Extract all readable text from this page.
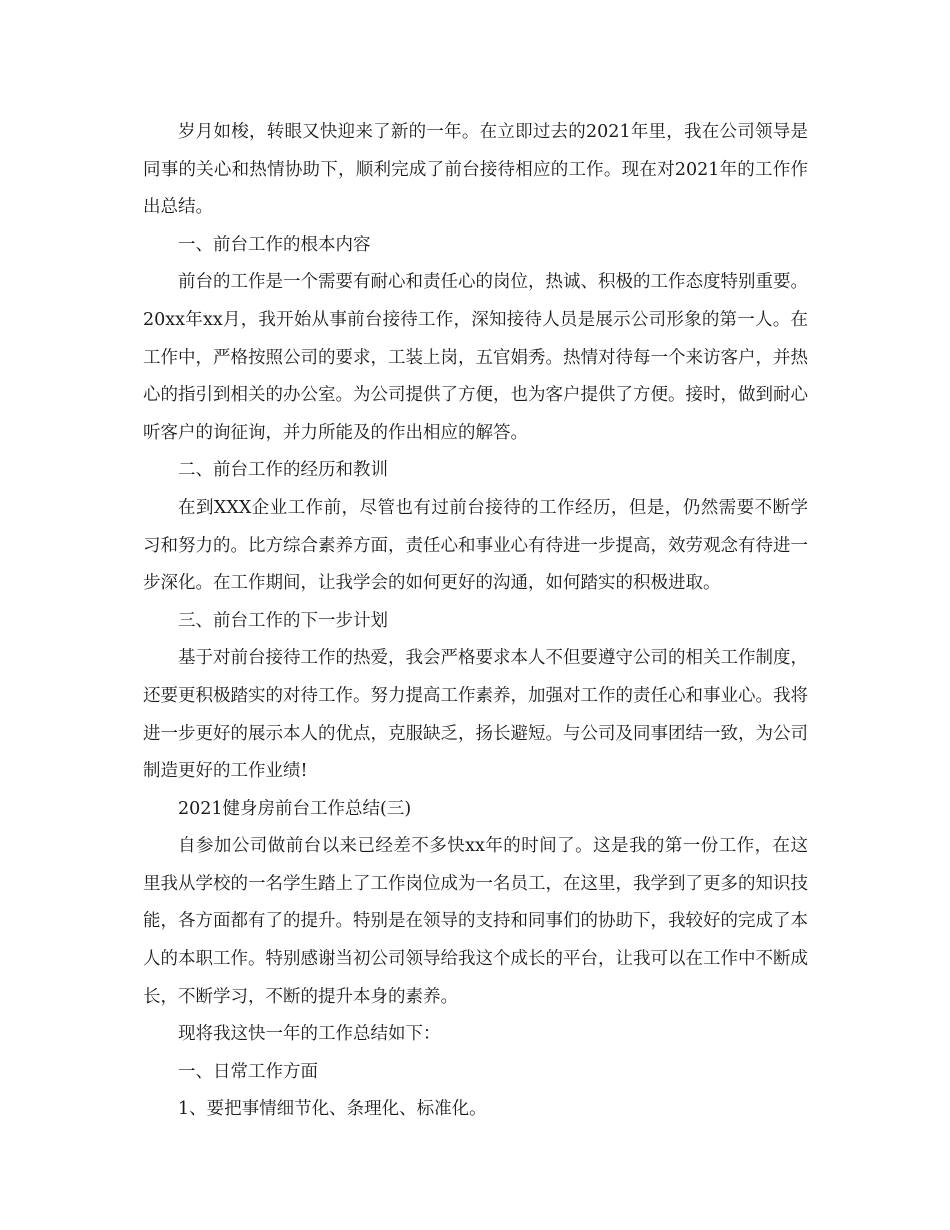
岁月如梭，转眼又快迎来了新的一年。在立即过去的2021年里，我在公司领导是同事的关心和热情协助下，顺利完成了前台接待相应的工作。现在对2021年的工作作出总结。

一、前台工作的根本内容

前台的工作是一个需要有耐心和责任心的岗位，热诚、积极的工作态度特别重要。20xx年xx月，我开始从事前台接待工作，深知接待人员是展示公司形象的第一人。在工作中，严格按照公司的要求，工装上岗，五官娟秀。热情对待每一个来访客户，并热心的指引到相关的办公室。为公司提供了方便，也为客户提供了方便。接时，做到耐心听客户的询征询，并力所能及的作出相应的解答。

二、前台工作的经历和教训

在到XXX企业工作前，尽管也有过前台接待的工作经历，但是，仍然需要不断学习和努力的。比方综合素养方面，责任心和事业心有待进一步提高，效劳观念有待进一步深化。在工作期间，让我学会的如何更好的沟通，如何踏实的积极进取。

三、前台工作的下一步计划

基于对前台接待工作的热爱，我会严格要求本人不但要遵守公司的相关工作制度，还要更积极踏实的对待工作。努力提高工作素养，加强对工作的责任心和事业心。我将进一步更好的展示本人的优点，克服缺乏，扬长避短。与公司及同事团结一致，为公司制造更好的工作业绩!

2021健身房前台工作总结(三)

自参加公司做前台以来已经差不多快xx年的时间了。这是我的第一份工作，在这里我从学校的一名学生踏上了工作岗位成为一名员工，在这里，我学到了更多的知识技能，各方面都有了的提升。特别是在领导的支持和同事们的协助下，我较好的完成了本人的本职工作。特别感谢当初公司领导给我这个成长的平台，让我可以在工作中不断成长，不断学习，不断的提升本身的素养。

现将我这快一年的工作总结如下：

一、日常工作方面

1、要把事情细节化、条理化、标准化。
